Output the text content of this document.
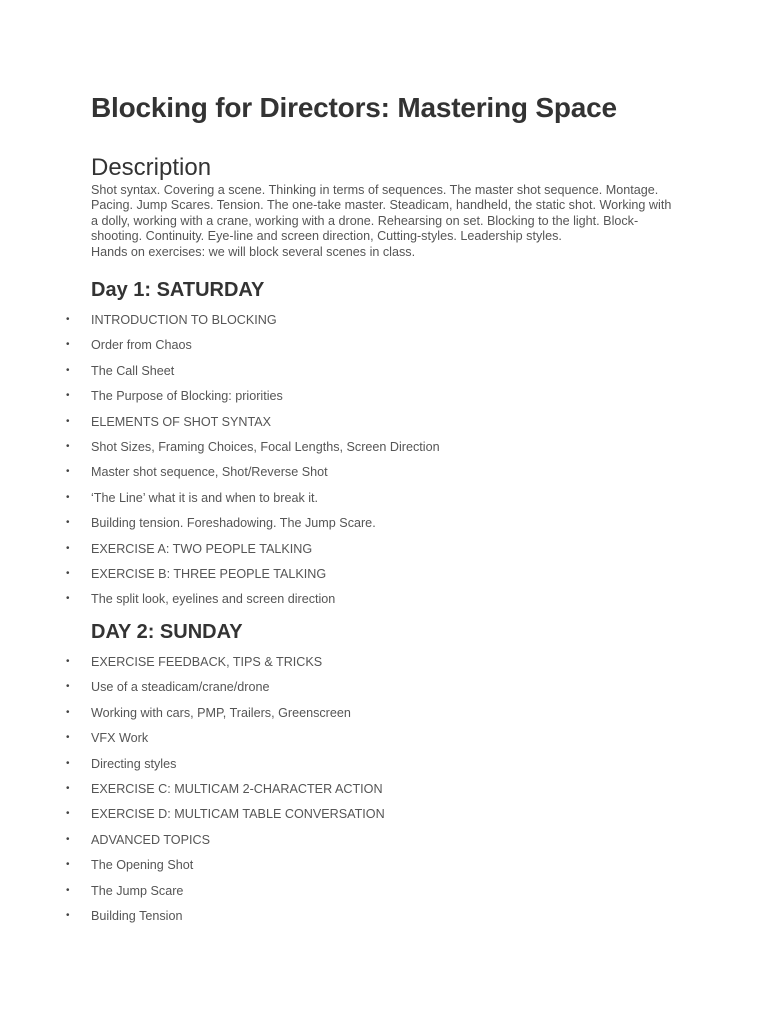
Blocking for Directors: Mastering Space
Description

Shot syntax. Covering a scene. Thinking in terms of sequences. The master shot sequence. Montage. Pacing. Jump Scares. Tension. The one-take master. Steadicam, handheld, the static shot. Working with a dolly, working with a crane, working with a drone. Rehearsing on set. Blocking to the light. Block-shooting. Continuity. Eye-line and screen direction, Cutting-styles. Leadership styles.

Hands on exercises: we will block several scenes in class.

Day 1: SATURDAY
• INTRODUCTION TO BLOCKING
• Order from Chaos
• The Call Sheet
• The Purpose of Blocking: priorities
• ELEMENTS OF SHOT SYNTAX
• Shot Sizes, Framing Choices, Focal Lengths, Screen Direction
• Master shot sequence, Shot/Reverse Shot
• ‘The Line’ what it is and when to break it.
• Building tension. Foreshadowing. The Jump Scare.
• EXERCISE A: TWO PEOPLE TALKING
• EXERCISE B: THREE PEOPLE TALKING
• The split look, eyelines and screen direction
DAY 2: SUNDAY
• EXERCISE FEEDBACK, TIPS & TRICKS
• Use of a steadicam/crane/drone
• Working with cars, PMP, Trailers, Greenscreen
• VFX Work
• Directing styles
• EXERCISE C: MULTICAM 2-CHARACTER ACTION
• EXERCISE D: MULTICAM TABLE CONVERSATION
• ADVANCED TOPICS
• The Opening Shot
• The Jump Scare
• Building Tension
